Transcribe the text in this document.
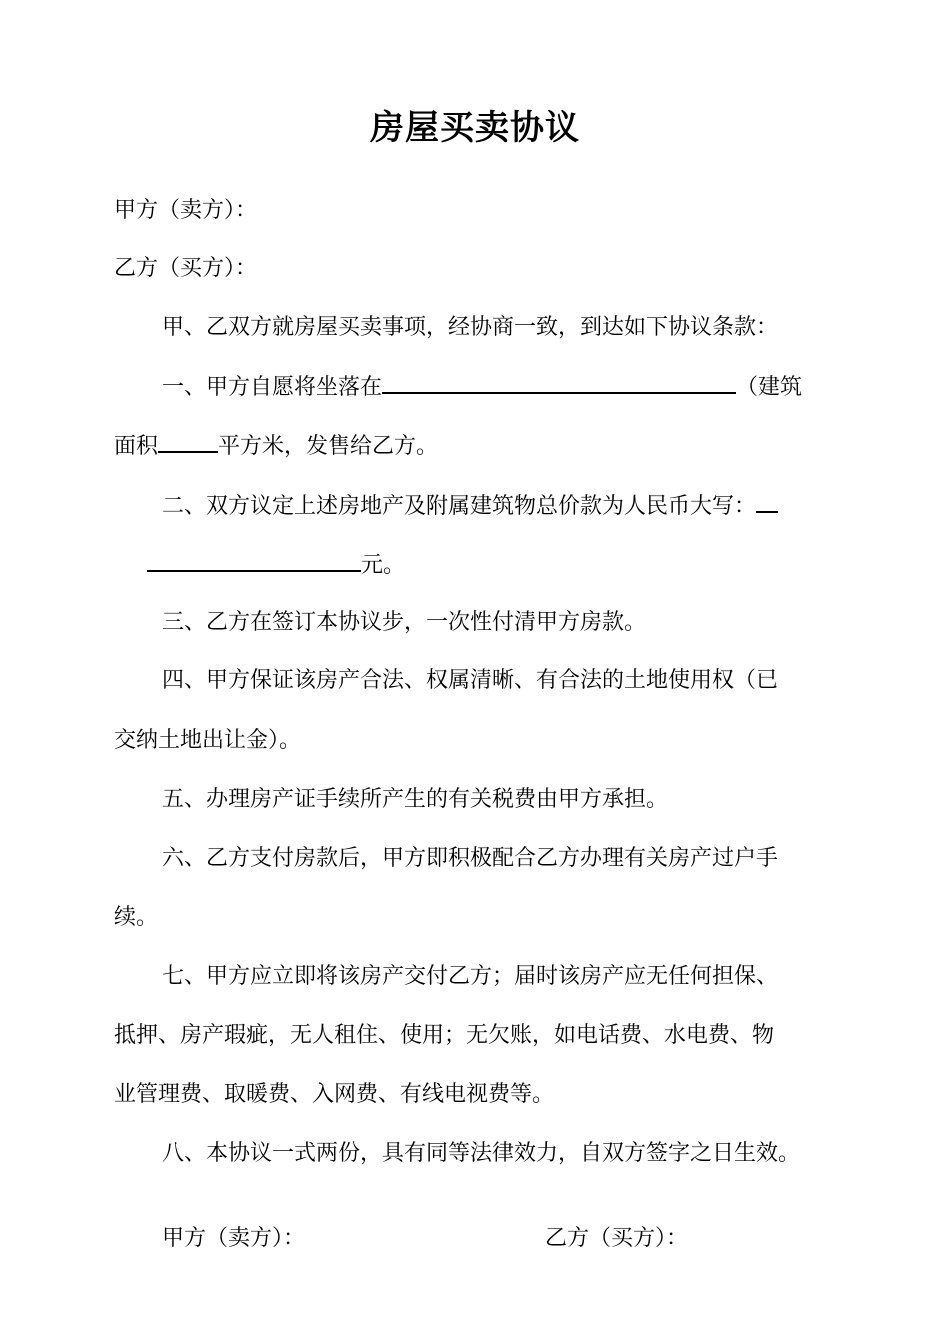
房屋买卖协议
甲方（卖方）：
乙方（买方）：
甲、乙双方就房屋买卖事项，经协商一致，到达如下协议条款：
一、甲方自愿将坐落在	（建筑
面积	平方米，发售给乙方。
二、双方议定上述房地产及附属建筑物总价款为人民币大写：
元。
三、乙方在签订本协议步，一次性付清甲方房款。
四、甲方保证该房产合法、权属清晰、有合法的土地使用权（已
交纳土地出让金）。
五、办理房产证手续所产生的有关税费由甲方承担。
六、乙方支付房款后，甲方即积极配合乙方办理有关房产过户手
续。
七、甲方应立即将该房产交付乙方；届时该房产应无任何担保、
抵押、房产瑕疵，无人租住、使用；无欠账，如电话费、水电费、物
业管理费、取暖费、入网费、有线电视费等。
八、本协议一式两份，具有同等法律效力，自双方签字之日生效。
甲方（卖方）：	乙方（买方）：
